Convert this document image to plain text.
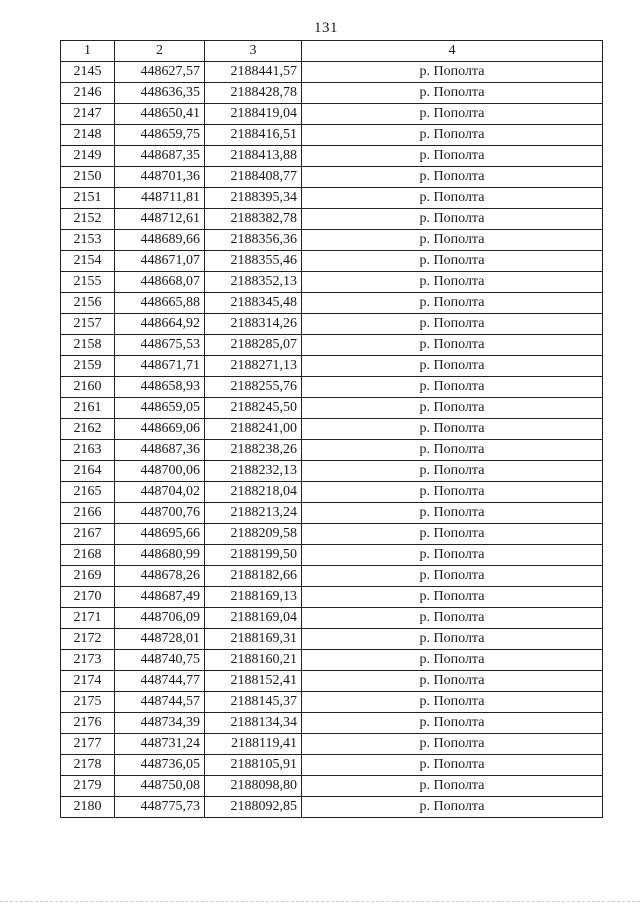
131
1	2	3	4
2145	448627,57	2188441,57	р. Пополта
2146	448636,35	2188428,78	р. Пополта
2147	448650,41	2188419,04	р. Пополта
2148	448659,75	2188416,51	р. Пополта
2149	448687,35	2188413,88	р. Пополта
2150	448701,36	2188408,77	р. Пополта
2151	448711,81	2188395,34	р. Пополта
2152	448712,61	2188382,78	р. Пополта
2153	448689,66	2188356,36	р. Пополта
2154	448671,07	2188355,46	р. Пополта
2155	448668,07	2188352,13	р. Пополта
2156	448665,88	2188345,48	р. Пополта
2157	448664,92	2188314,26	р. Пополта
2158	448675,53	2188285,07	р. Пополта
2159	448671,71	2188271,13	р. Пополта
2160	448658,93	2188255,76	р. Пополта
2161	448659,05	2188245,50	р. Пополта
2162	448669,06	2188241,00	р. Пополта
2163	448687,36	2188238,26	р. Пополта
2164	448700,06	2188232,13	р. Пополта
2165	448704,02	2188218,04	р. Пополта
2166	448700,76	2188213,24	р. Пополта
2167	448695,66	2188209,58	р. Пополта
2168	448680,99	2188199,50	р. Пополта
2169	448678,26	2188182,66	р. Пополта
2170	448687,49	2188169,13	р. Пополта
2171	448706,09	2188169,04	р. Пополта
2172	448728,01	2188169,31	р. Пополта
2173	448740,75	2188160,21	р. Пополта
2174	448744,77	2188152,41	р. Пополта
2175	448744,57	2188145,37	р. Пополта
2176	448734,39	2188134,34	р. Пополта
2177	448731,24	2188119,41	р. Пополта
2178	448736,05	2188105,91	р. Пополта
2179	448750,08	2188098,80	р. Пополта
2180	448775,73	2188092,85	р. Пополта
